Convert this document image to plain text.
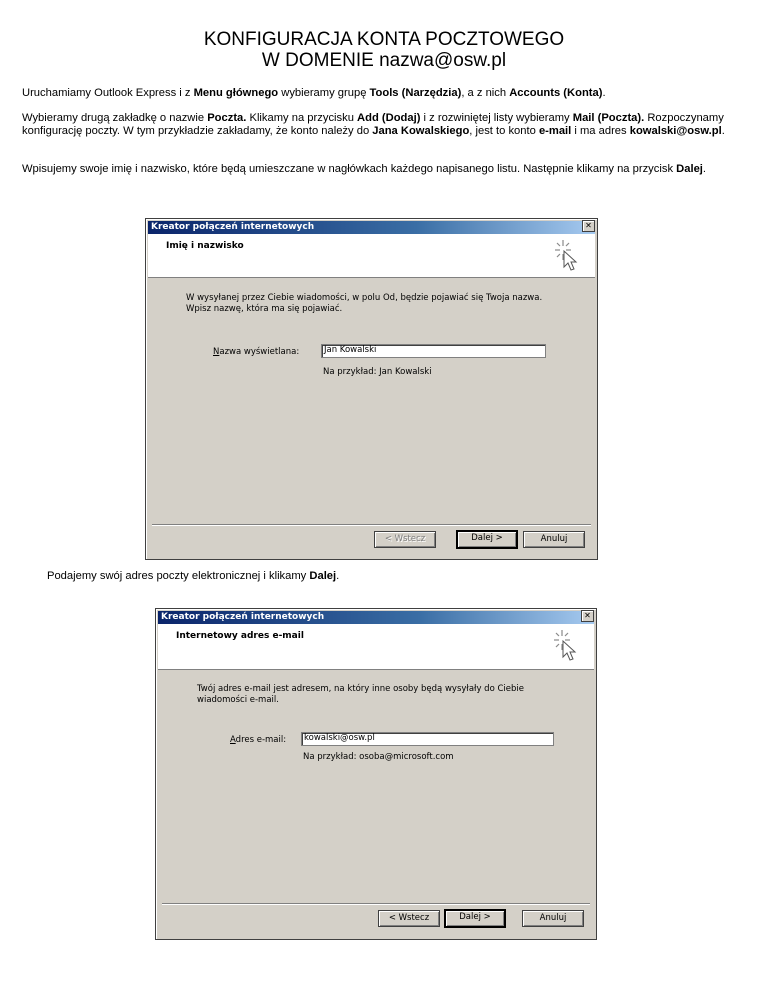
KONFIGURACJA KONTA POCZTOWEGO
W DOMENIE nazwa@osw.pl
Uruchamiamy Outlook Express i z Menu głównego wybieramy grupę Tools (Narzędzia), a z nich Accounts (Konta).
Wybieramy drugą zakładkę o nazwie Poczta. Klikamy na przycisku Add (Dodaj) i z rozwiniętej listy wybieramy Mail (Poczta). Rozpoczynamy konfigurację poczty. W tym przykładzie zakładamy, że konto należy do Jana Kowalskiego, jest to konto e-mail i ma adres kowalski@osw.pl.
Wpisujemy swoje imię i nazwisko, które będą umieszczane w nagłówkach każdego napisanego listu. Następnie klikamy na przycisk Dalej.
Kreator połączeń internetowych	✕
Imię i nazwisko
W wysyłanej przez Ciebie wiadomości, w polu Od, będzie pojawiać się Twoja nazwa.
Wpisz nazwę, która ma się pojawiać.
Nazwa wyświetlana:	Jan Kowalski
Na przykład: Jan Kowalski
< Wstecz	Dalej >	Anuluj
Podajemy swój adres poczty elektronicznej i klikamy Dalej.
Kreator połączeń internetowych	✕
Internetowy adres e-mail
Twój adres e-mail jest adresem, na który inne osoby będą wysyłały do Ciebie
wiadomości e-mail.
Adres e-mail:	kowalski@osw.pl
Na przykład: osoba@microsoft.com
< Wstecz	Dalej >	Anuluj
